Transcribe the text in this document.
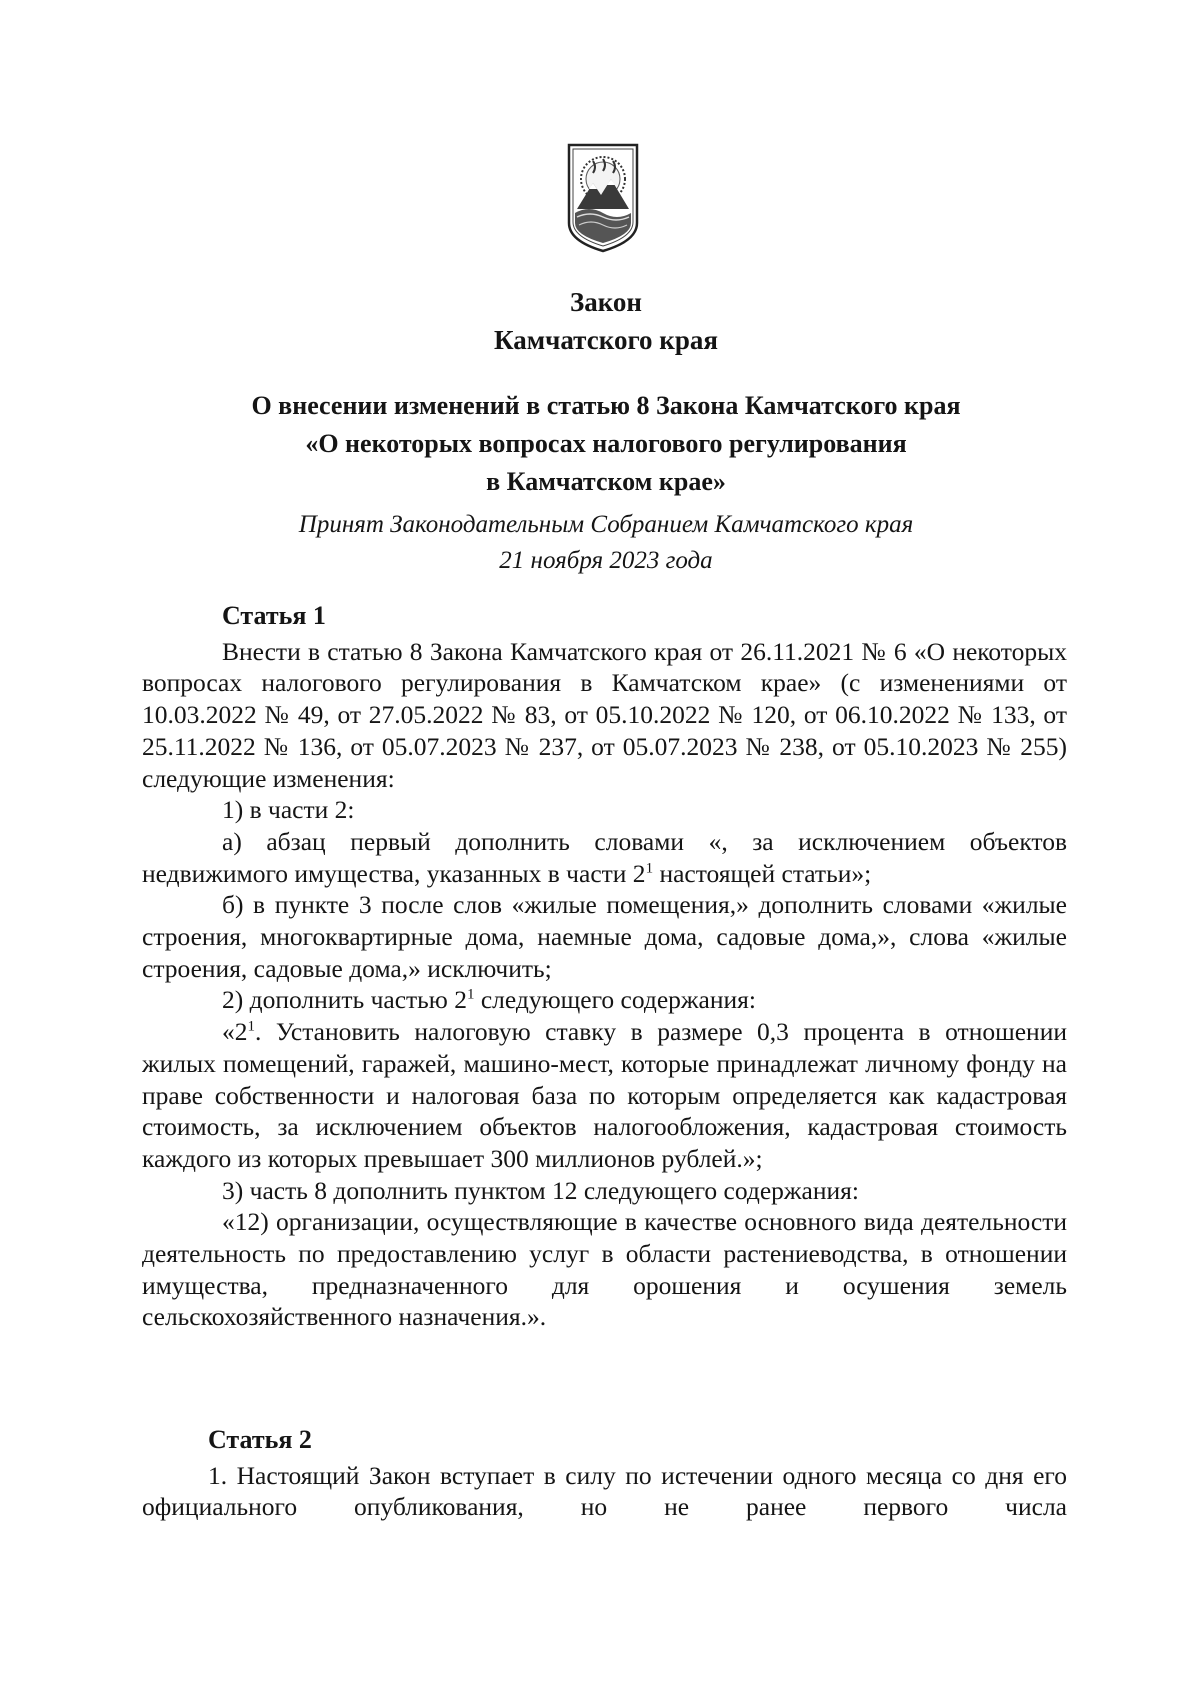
Закон
Камчатского края
О внесении изменений в статью 8 Закона Камчатского края
«О некоторых вопросах налогового регулирования
в Камчатском крае»
Принят Законодательным Собранием Камчатского края
21 ноября 2023 года
Статья 1

Внести в статью 8 Закона Камчатского края от 26.11.2021 № 6 «О некоторых вопросах налогового регулирования в Камчатском крае» (с изменениями от 10.03.2022 № 49, от 27.05.2022 № 83, от 05.10.2022 № 120, от 06.10.2022 № 133, от 25.11.2022 № 136, от 05.07.2023 № 237, от 05.07.2023 № 238, от 05.10.2023 № 255) следующие изменения:

1) в части 2:

а) абзац первый дополнить словами «, за исключением объектов недвижимого имущества, указанных в части $2^1$ настоящей статьи»;

б) в пункте 3 после слов «жилые помещения,» дополнить словами «жилые строения, многоквартирные дома, наемные дома, садовые дома,», слова «жилые строения, садовые дома,» исключить;

2) дополнить частью $2^1$ следующего содержания:

«$2^1$. Установить налоговую ставку в размере 0,3 процента в отношении жилых помещений, гаражей, машино-мест, которые принадлежат личному фонду на праве собственности и налоговая база по которым определяется как кадастровая стоимость, за исключением объектов налогообложения, кадастровая стоимость каждого из которых превышает 300 миллионов рублей.»;

3) часть 8 дополнить пунктом 12 следующего содержания:

«12) организации, осуществляющие в качестве основного вида деятельности деятельность по предоставлению услуг в области растениеводства, в отношении имущества, предназначенного для орошения и осушения земель сельскохозяйственного назначения.».

Статья 2

1. Настоящий Закон вступает в силу по истечении одного месяца со дня его официального опубликования, но не ранее первого числа
